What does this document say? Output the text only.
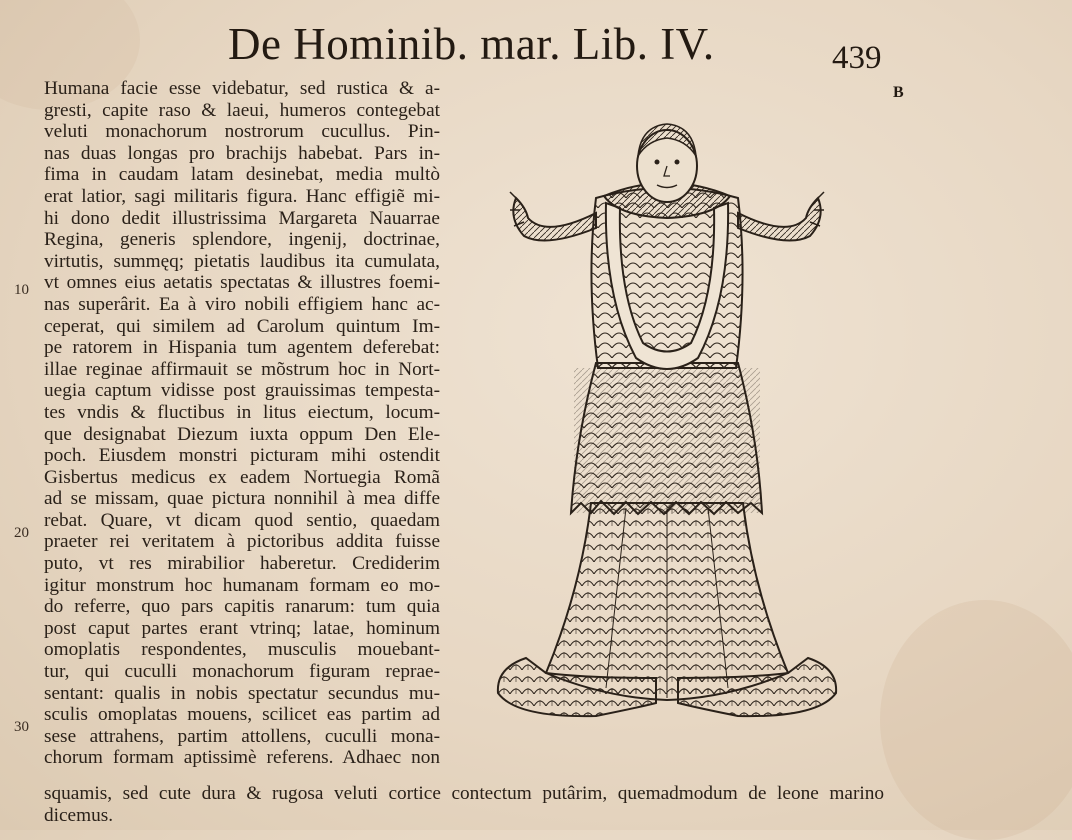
De Hominib. mar. Lib. IV.	439
B
Humana facie esse videbatur, sed rustica & a-
gresti, capite raso & laeui, humeros contegebat
veluti monachorum nostrorum cucullus. Pin-
nas duas longas pro brachijs habebat. Pars in-
fima in caudam latam desinebat, media multò
erat latior, sagi militaris figura. Hanc effigiẽ mi-
hi dono dedit illustrissima Margareta Nauarrae
Regina, generis splendore, ingenij, doctrinae,
virtutis, summęq; pietatis laudibus ita cumulata,
vt omnes eius aetatis spectatas & illustres foemi-
nas superârit. Ea à viro nobili effigiem hanc ac-
ceperat, qui similem ad Carolum quintum Im-
pe ratorem in Hispania tum agentem deferebat:
illae reginae affirmauit se mõstrum hoc in Nort-
uegia captum vidisse post grauissimas tempesta-
tes vndis & fluctibus in litus eiectum, locum-
que designabat Diezum iuxta oppum Den Ele-
poch. Eiusdem monstri picturam mihi ostendit
Gisbertus medicus ex eadem Nortuegia Romã
ad se missam, quae pictura nonnihil à mea diffe
rebat. Quare, vt dicam quod sentio, quaedam
praeter rei veritatem à pictoribus addita fuisse
puto, vt res mirabilior haberetur. Crediderim
igitur monstrum hoc humanam formam eo mo-
do referre, quo pars capitis ranarum: tum quia
post caput partes erant vtrinq; latae, hominum
omoplatis respondentes, musculis mouebant-
tur, qui cuculli monachorum figuram reprae-
sentant: qualis in nobis spectatur secundus mu-
sculis omoplatas mouens, scilicet eas partim ad
sese attrahens, partim attollens, cuculli mona-
chorum formam aptissimè referens. Adhaec non
squamis, sed cute dura & rugosa veluti cortice contectum putârim, quemadmodum de leone marino
dicemus.
10
20
30
